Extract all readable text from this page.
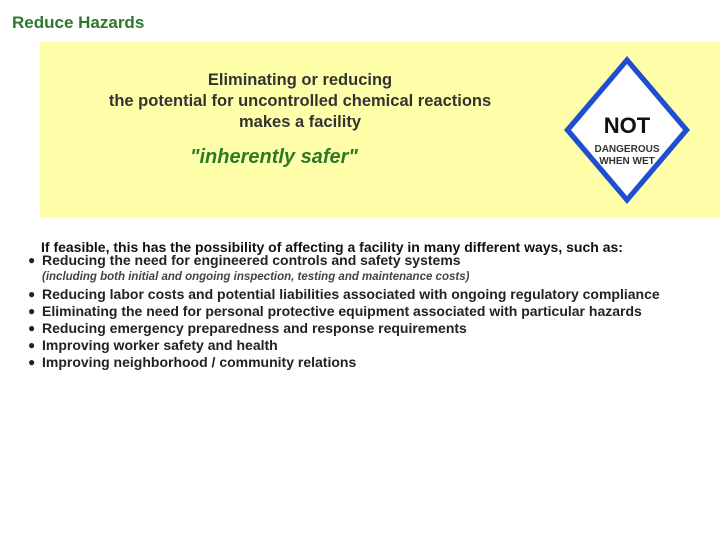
Reduce Hazards
Eliminating or reducing
the potential for uncontrolled chemical reactions
makes a facility
"inherently safer"
NOT
DANGEROUS
WHEN WET
If feasible, this has the possibility of affecting a facility in many different ways, such as:
● Reducing the need for engineered controls and safety systems
(including both initial and ongoing inspection, testing and maintenance costs)
● Reducing labor costs and potential liabilities associated with ongoing regulatory compliance
● Eliminating the need for personal protective equipment associated with particular hazards
● Reducing emergency preparedness and response requirements
● Improving worker safety and health
● Improving neighborhood / community relations
